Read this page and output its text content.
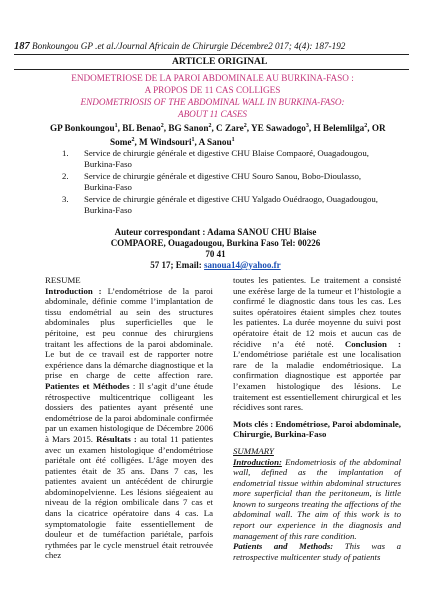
187 Bonkoungou GP .et al./Journal Africain de Chirurgie Décembre2 017; 4(4): 187-192
ARTICLE ORIGINAL
ENDOMETRIOSE DE LA PAROI ABDOMINALE AU BURKINA-FASO :
A PROPOS DE 11 CAS COLLIGES
ENDOMETRIOSIS OF THE ABDOMINAL WALL IN BURKINA-FASO:
ABOUT 11 CASES
GP Bonkoungou$^1$, BL Benao$^2$, BG Sanon$^2$, C Zare$^2$, YE Sawadogo$^3$, H Belemlilga$^2$, OR
Some$^2$, M Windsouri$^1$, A Sanou$^1$
1. Service de chirurgie générale et digestive CHU Blaise Compaoré, Ouagadougou, Burkina-Faso
2. Service de chirurgie générale et digestive CHU Souro Sanou, Bobo-Dioulasso, Burkina-Faso
3. Service de chirurgie générale et digestive CHU Yalgado Ouédraogo, Ouagadougou, Burkina-Faso
Auteur correspondant : Adama SANOU CHU Blaise
COMPAORE, Ouagadougou, Burkina Faso Tel: 00226 70 41
57 17; Email: sanoua14@yahoo.fr

RESUME

Introduction : L’endométriose de la paroi abdominale, définie comme l’implantation de tissu endométrial au sein des structures abdominales plus superficielles que le péritoine, est peu connue des chirurgiens traitant les affections de la paroi abdominale. Le but de ce travail est de rapporter notre expérience dans la démarche diagnostique et la prise en charge de cette affection rare. Patientes et Méthodes : Il s’agit d’une étude rétrospective multicentrique colligeant les dossiers des patientes ayant présenté une endométriose de la paroi abdominale confirmée par un examen histologique de Décembre 2006 à Mars 2015. Résultats : au total 11 patientes avec un examen histologique d’endométriose pariétale ont été colligées. L’âge moyen des patientes était de 35 ans. Dans 7 cas, les patientes avaient un antécédent de chirurgie abdominopelvienne. Les lésions siégeaient au niveau de la région ombilicale dans 7 cas et dans la cicatrice opératoire dans 4 cas. La symptomatologie faite essentiellement de douleur et de tuméfaction pariétale, parfois rythmées par le cycle menstruel était retrouvée chez

toutes les patientes. Le traitement a consisté une exérèse large de la tumeur et l’histologie a confirmé le diagnostic dans tous les cas. Les suites opératoires étaient simples chez toutes les patientes. La durée moyenne du suivi post opératoire était de 12 mois et aucun cas de récidive n’a été noté. Conclusion : L’endométriose pariétale est une localisation rare de la maladie endométriosique. La confirmation diagnostique est apportée par l’examen histologique des lésions. Le traitement est essentiellement chirurgical et les récidives sont rares.

Mots clés : Endométriose, Paroi abdominale, Chirurgie, Burkina-Faso

SUMMARY

Introduction: Endometriosis of the abdominal wall, defined as the implantation of endometrial tissue within abdominal structures more superficial than the peritoneum, is little known to surgeons treating the affections of the abdominal wall. The aim of this work is to report our experience in the diagnosis and management of this rare condition.

Patients and Methods: This was a retrospective multicenter study of patients
